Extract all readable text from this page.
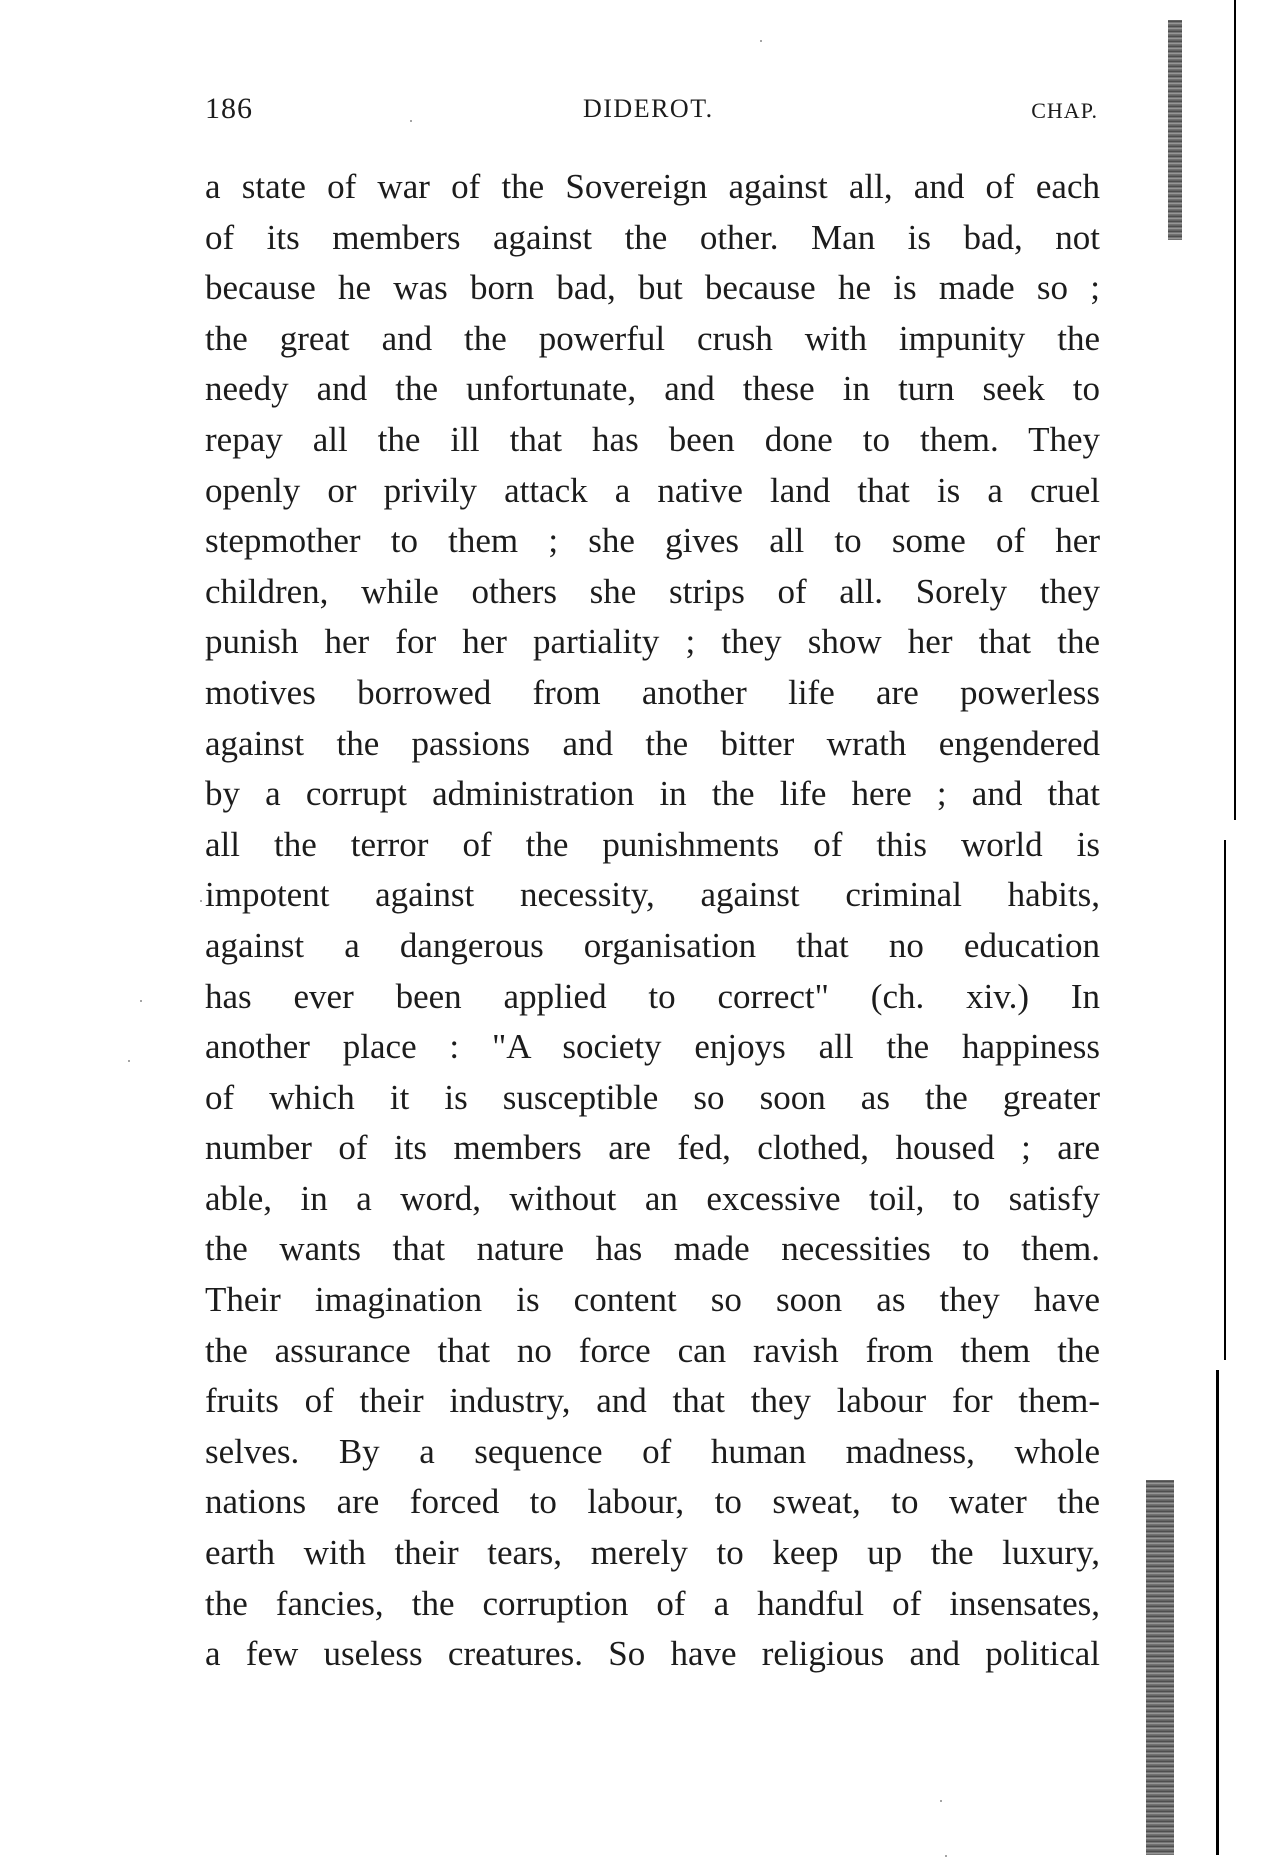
186	DIDEROT.	CHAP.
a state of war of the Sovereign against all, and of each
of its members against the other. Man is bad, not
because he was born bad, but because he is made so ;
the great and the powerful crush with impunity the
needy and the unfortunate, and these in turn seek to
repay all the ill that has been done to them. They
openly or privily attack a native land that is a cruel
stepmother to them ; she gives all to some of her
children, while others she strips of all. Sorely they
punish her for her partiality ; they show her that the
motives borrowed from another life are powerless
against the passions and the bitter wrath engendered
by a corrupt administration in the life here ; and that
all the terror of the punishments of this world is
impotent against necessity, against criminal habits,
against a dangerous organisation that no education
has ever been applied to correct" (ch. xiv.) In
another place : "A society enjoys all the happiness
of which it is susceptible so soon as the greater
number of its members are fed, clothed, housed ; are
able, in a word, without an excessive toil, to satisfy
the wants that nature has made necessities to them.
Their imagination is content so soon as they have
the assurance that no force can ravish from them the
fruits of their industry, and that they labour for them-
selves. By a sequence of human madness, whole
nations are forced to labour, to sweat, to water the
earth with their tears, merely to keep up the luxury,
the fancies, the corruption of a handful of insensates,
a few useless creatures. So have religious and political
